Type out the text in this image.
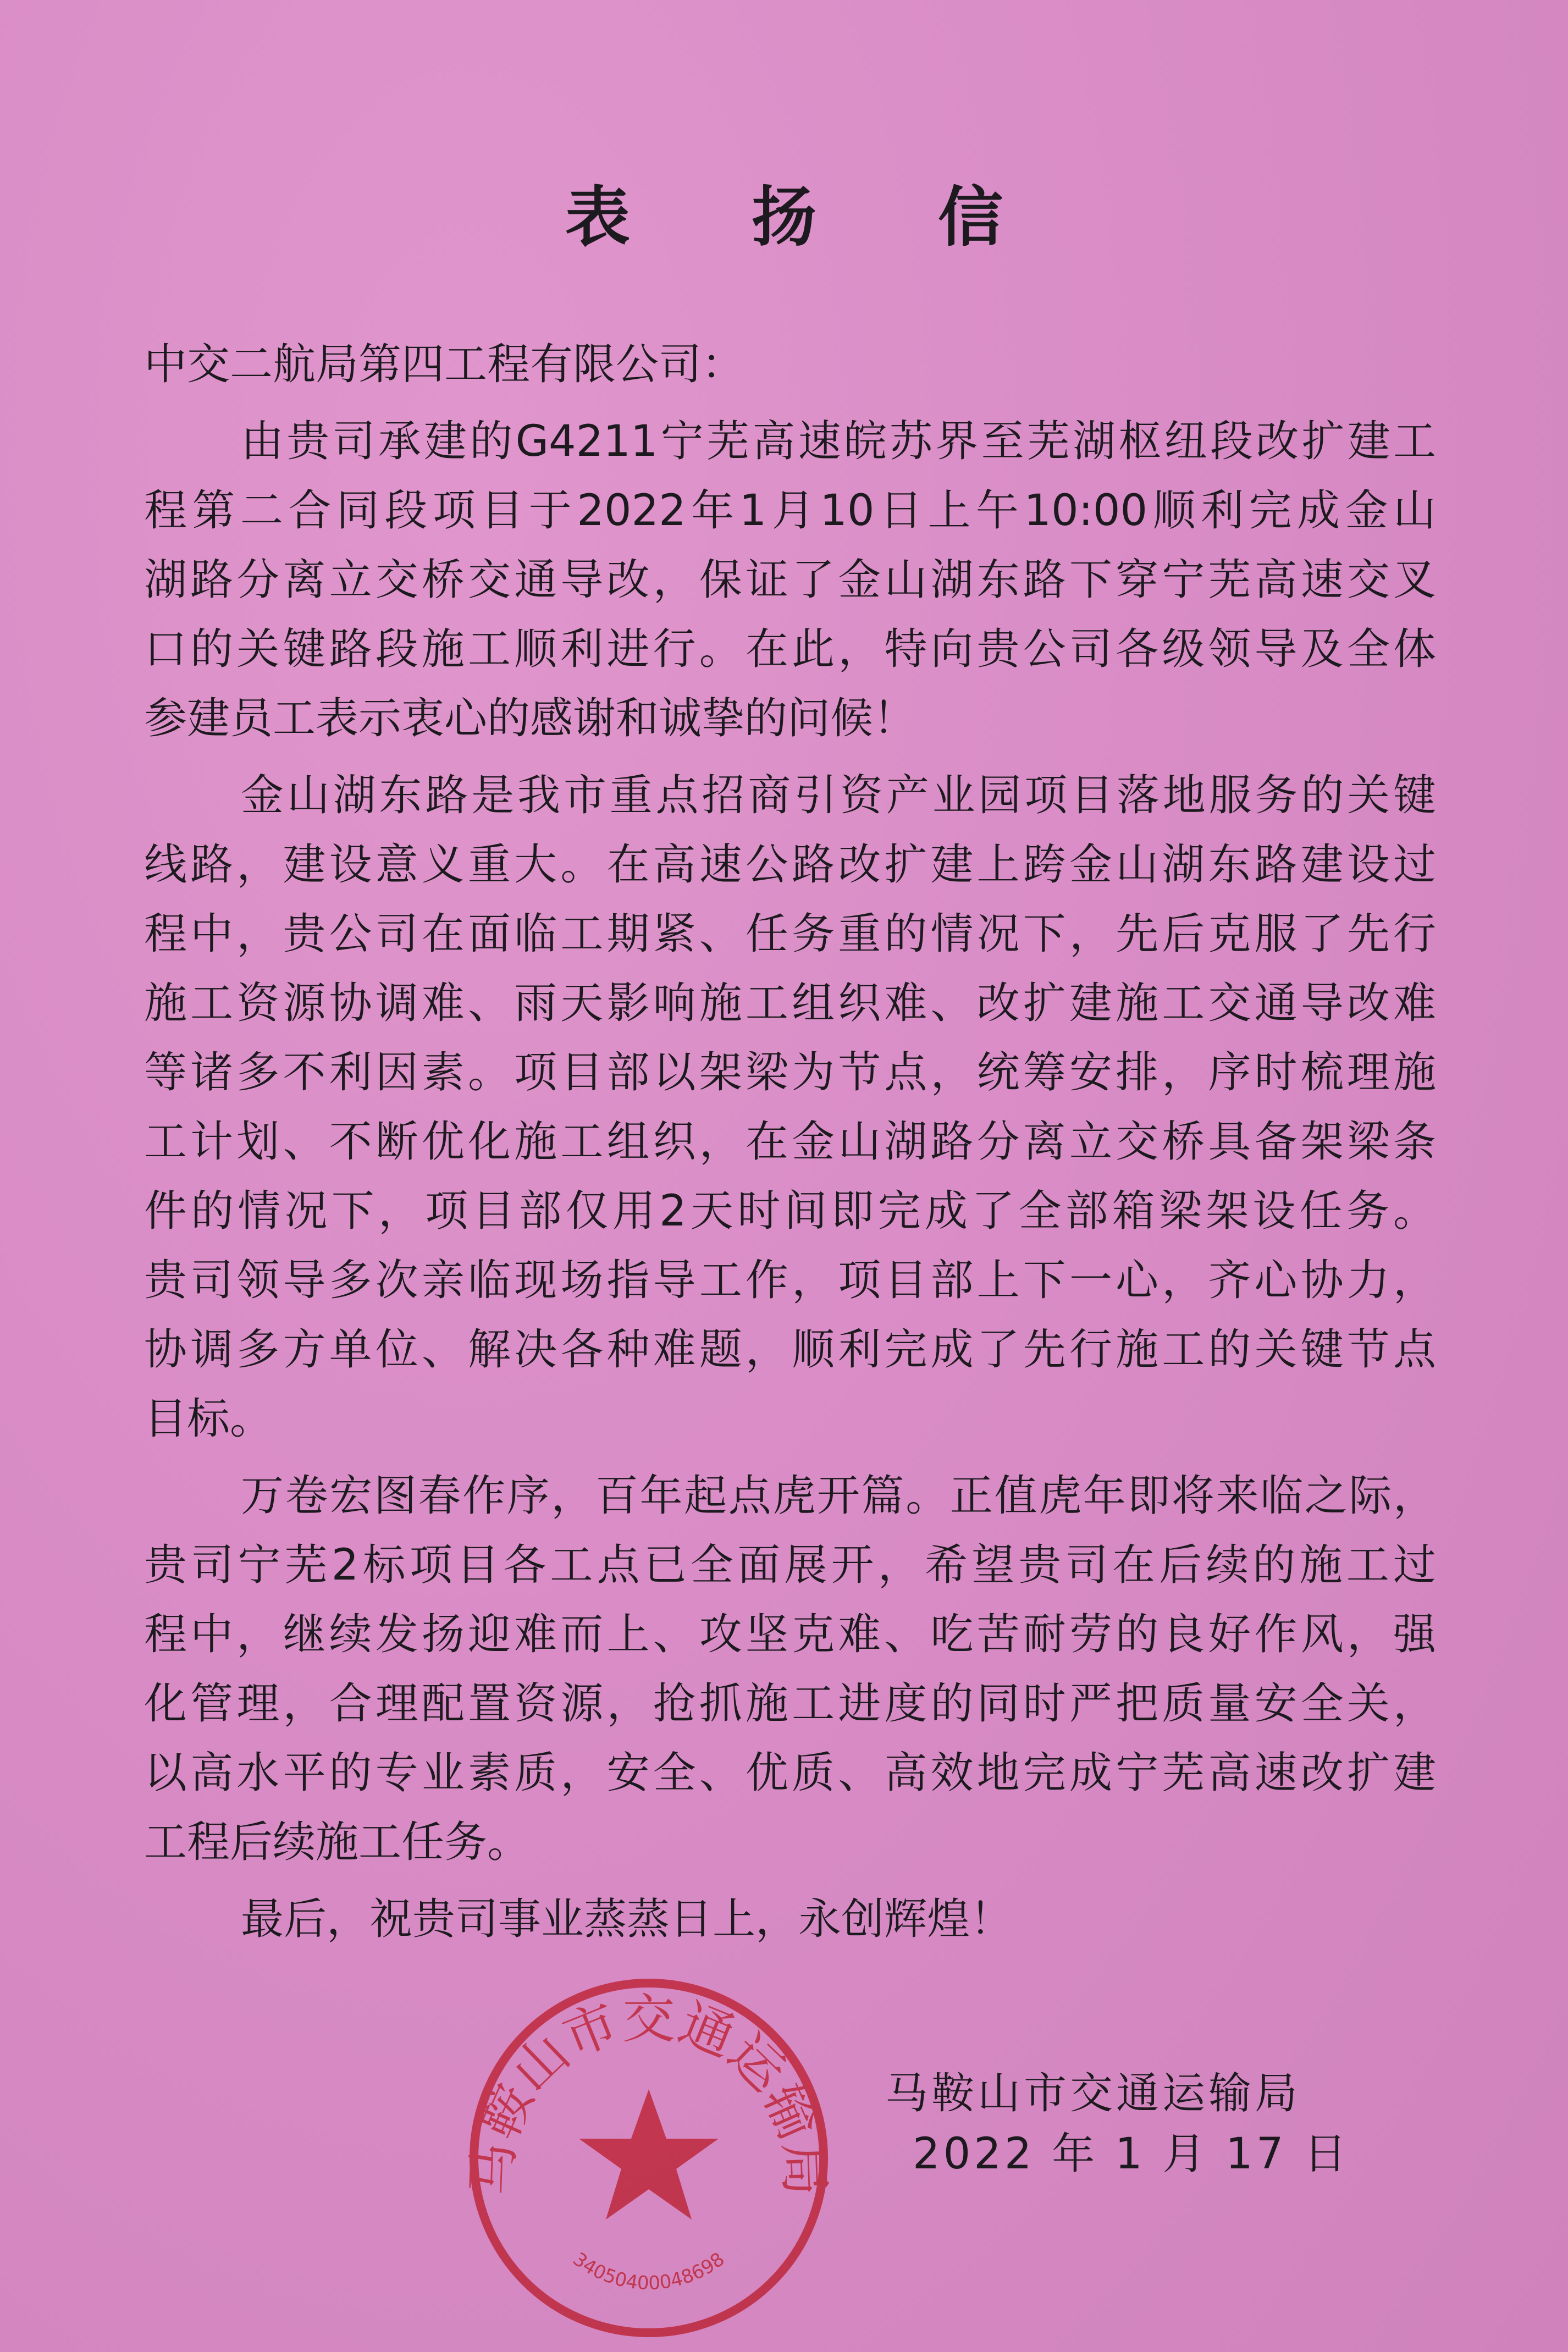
表 扬 信
中交二航局第四工程有限公司：
由贵司承建的G4211宁芜高速皖苏界至芜湖枢纽段改扩建工
程第二合同段项目于2022年1月10日上午10:00顺利完成金山
湖路分离立交桥交通导改，保证了金山湖东路下穿宁芜高速交叉
口的关键路段施工顺利进行。在此，特向贵公司各级领导及全体
参建员工表示衷心的感谢和诚挚的问候！
金山湖东路是我市重点招商引资产业园项目落地服务的关键
线路，建设意义重大。在高速公路改扩建上跨金山湖东路建设过
程中，贵公司在面临工期紧、任务重的情况下，先后克服了先行
施工资源协调难、雨天影响施工组织难、改扩建施工交通导改难
等诸多不利因素。项目部以架梁为节点，统筹安排，序时梳理施
工计划、不断优化施工组织，在金山湖路分离立交桥具备架梁条
件的情况下，项目部仅用2天时间即完成了全部箱梁架设任务。
贵司领导多次亲临现场指导工作，项目部上下一心，齐心协力，
协调多方单位、解决各种难题，顺利完成了先行施工的关键节点
目标。
万卷宏图春作序，百年起点虎开篇。正值虎年即将来临之际，
贵司宁芜2标项目各工点已全面展开，希望贵司在后续的施工过
程中，继续发扬迎难而上、攻坚克难、吃苦耐劳的良好作风，强
化管理，合理配置资源，抢抓施工进度的同时严把质量安全关，
以高水平的专业素质，安全、优质、高效地完成宁芜高速改扩建
工程后续施工任务。
最后，祝贵司事业蒸蒸日上，永创辉煌！
马鞍山市交通运输局
34050400048698
马鞍山市交通运输局
2022 年 1 月 17 日
